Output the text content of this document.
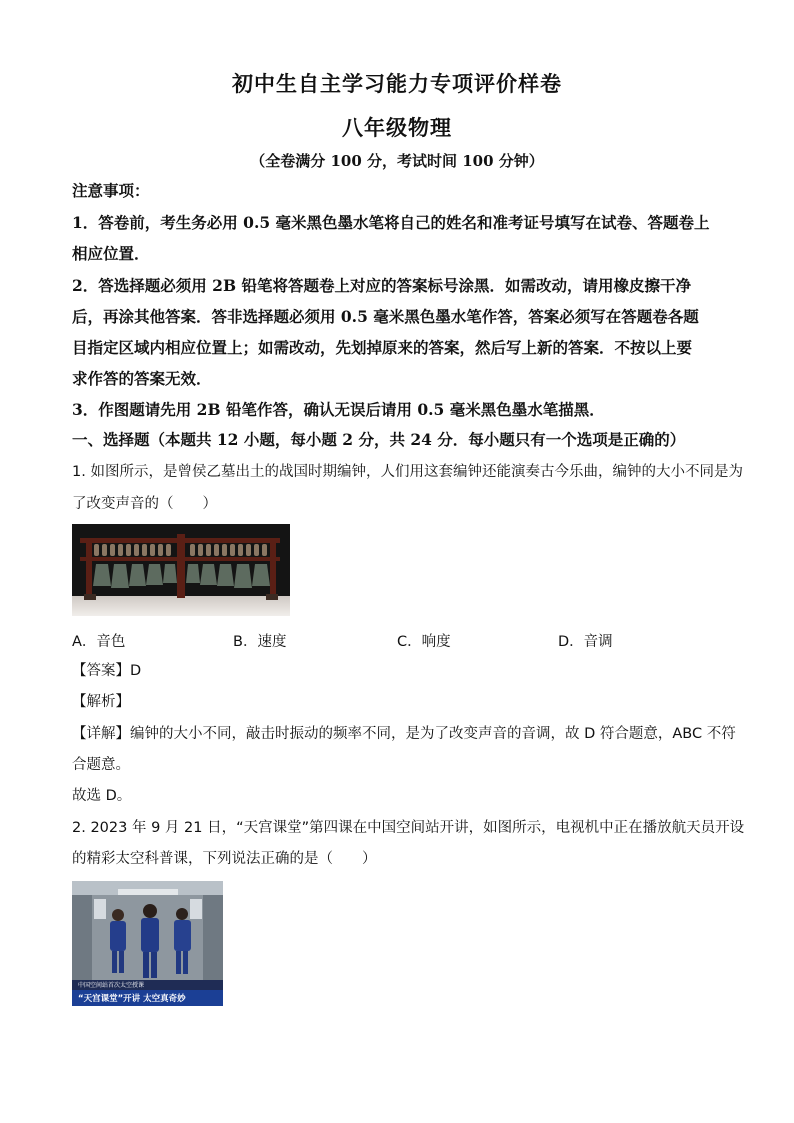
初中生自主学习能力专项评价样卷
八年级物理
（全卷满分 100 分，考试时间 100 分钟）
注意事项：
1．答卷前，考生务必用 0.5 毫米黑色墨水笔将自己的姓名和准考证号填写在试卷、答题卷上
相应位置．
2．答选择题必须用 2B 铅笔将答题卷上对应的答案标号涂黑．如需改动，请用橡皮擦干净
后，再涂其他答案．答非选择题必须用 0.5 毫米黑色墨水笔作答，答案必须写在答题卷各题
目指定区域内相应位置上；如需改动，先划掉原来的答案，然后写上新的答案．不按以上要
求作答的答案无效．
3．作图题请先用 2B 铅笔作答，确认无误后请用 0.5 毫米黑色墨水笔描黑．
一、选择题（本题共 12 小题，每小题 2 分，共 24 分．每小题只有一个选项是正确的）
1. 如图所示，是曾侯乙墓出土的战国时期编钟，人们用这套编钟还能演奏古今乐曲，编钟的大小不同是为
了改变声音的（　　）
A．音色	B．速度	C．响度	D．音调
【答案】D
【解析】
【详解】编钟的大小不同，敲击时振动的频率不同，是为了改变声音的音调，故 D 符合题意，ABC 不符
合题意。
故选 D。
2. 2023 年 9 月 21 日，“天宫课堂”第四课在中国空间站开讲，如图所示，电视机中正在播放航天员开设
的精彩太空科普课，下列说法正确的是（　　）
中国空间站首次太空授课
“天宫课堂”开讲 太空真奇妙
